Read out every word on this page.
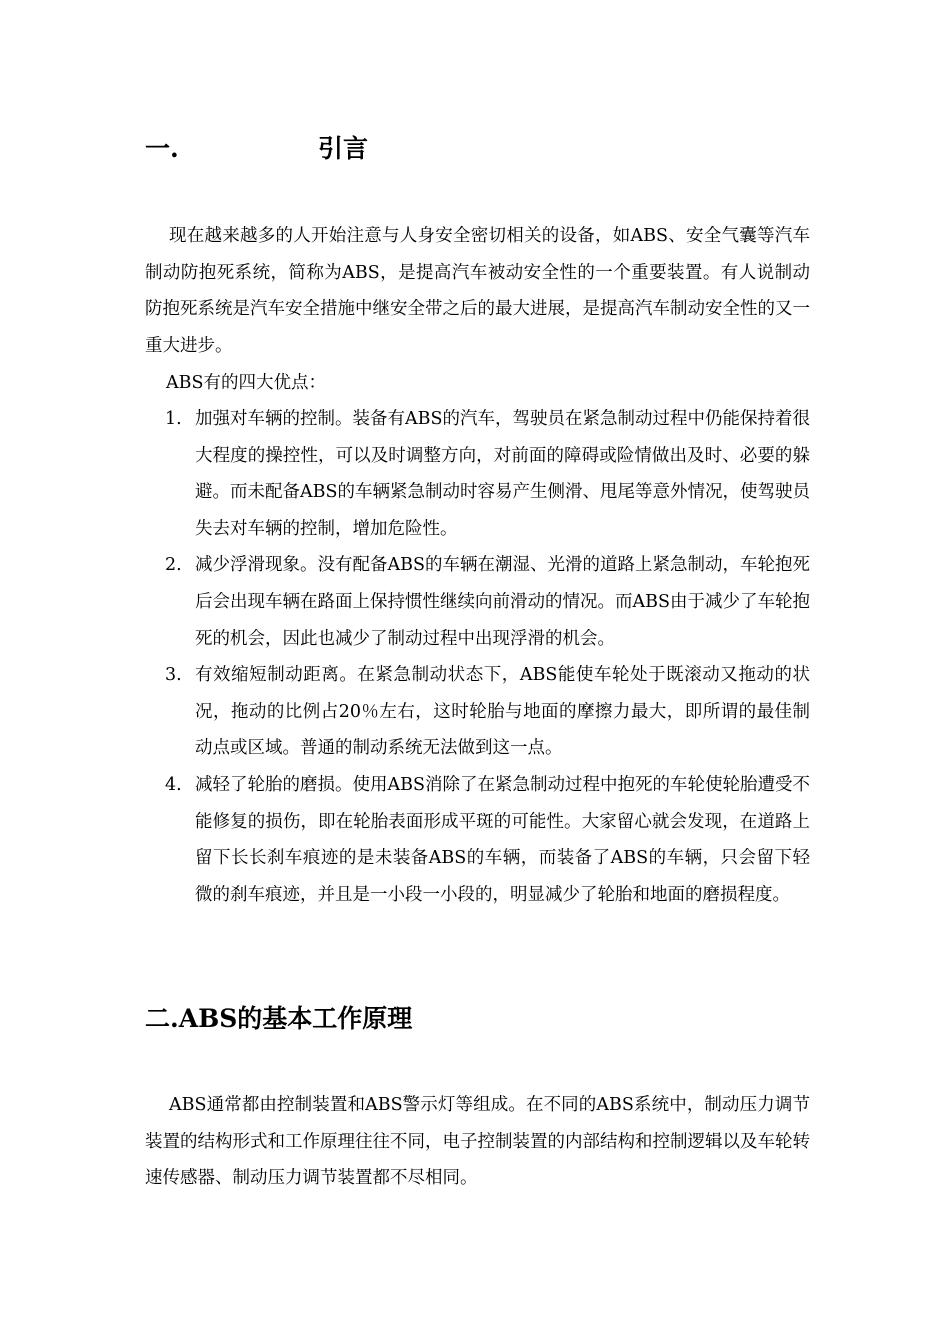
一.	引言

现在越来越多的人开始注意与人身安全密切相关的设备，如ABS、安全气囊等汽车制动防抱死系统，简称为ABS，是提高汽车被动安全性的一个重要装置。有人说制动防抱死系统是汽车安全措施中继安全带之后的最大进展，是提高汽车制动安全性的又一重大进步。

ABS有的四大优点：
1. 加强对车辆的控制。装备有ABS的汽车，驾驶员在紧急制动过程中仍能保持着很大程度的操控性，可以及时调整方向，对前面的障碍或险情做出及时、必要的躲避。而未配备ABS的车辆紧急制动时容易产生侧滑、甩尾等意外情况，使驾驶员失去对车辆的控制，增加危险性。
2. 减少浮滑现象。没有配备ABS的车辆在潮湿、光滑的道路上紧急制动，车轮抱死后会出现车辆在路面上保持惯性继续向前滑动的情况。而ABS由于减少了车轮抱死的机会，因此也减少了制动过程中出现浮滑的机会。
3. 有效缩短制动距离。在紧急制动状态下，ABS能使车轮处于既滚动又拖动的状况，拖动的比例占20％左右，这时轮胎与地面的摩擦力最大，即所谓的最佳制动点或区域。普通的制动系统无法做到这一点。
4. 减轻了轮胎的磨损。使用ABS消除了在紧急制动过程中抱死的车轮使轮胎遭受不能修复的损伤，即在轮胎表面形成平斑的可能性。大家留心就会发现，在道路上留下长长刹车痕迹的是未装备ABS的车辆，而装备了ABS的车辆，只会留下轻微的刹车痕迹，并且是一小段一小段的，明显减少了轮胎和地面的磨损程度。
二.ABS的基本工作原理

ABS通常都由控制装置和ABS警示灯等组成。在不同的ABS系统中，制动压力调节装置的结构形式和工作原理往往不同，电子控制装置的内部结构和控制逻辑以及车轮转速传感器、制动压力调节装置都不尽相同。
